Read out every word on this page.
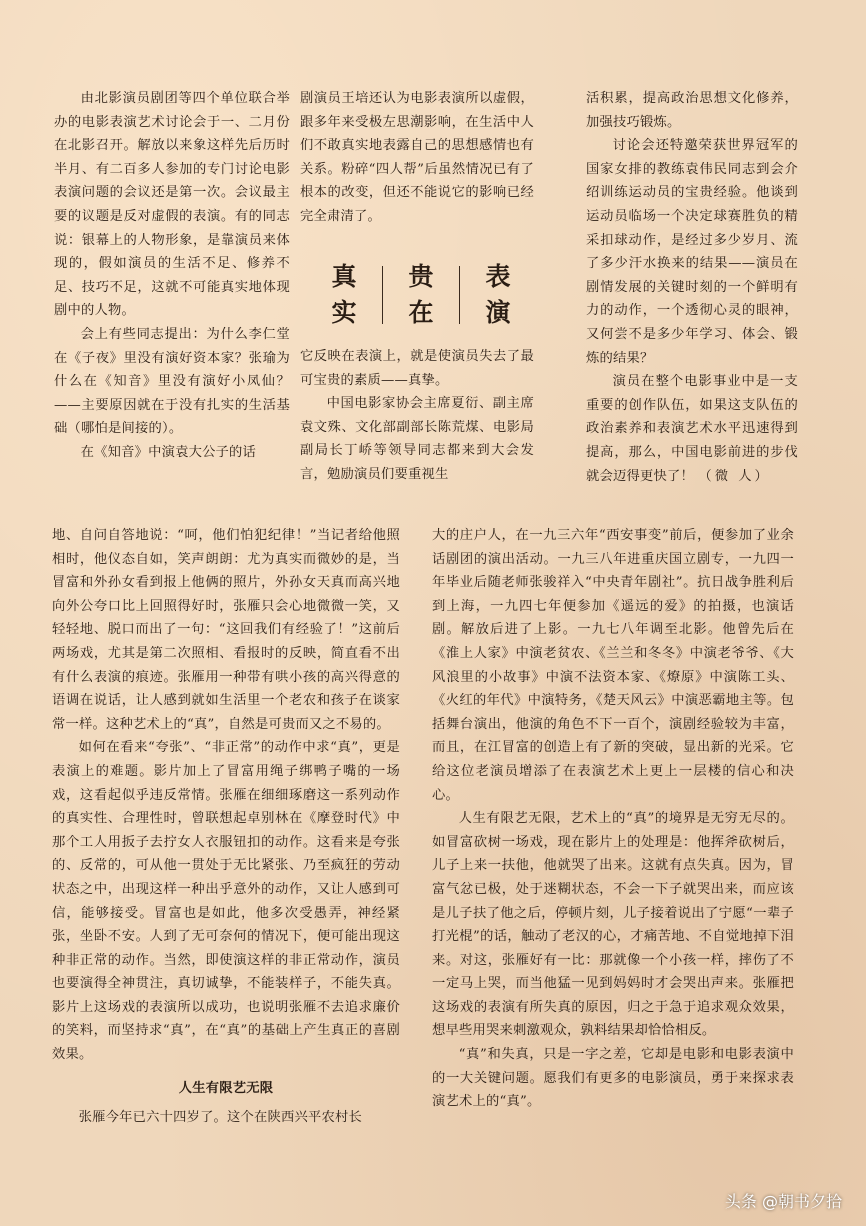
由北影演员剧团等四个单位联合举办的电影表演艺术讨论会于一、二月份在北影召开。解放以来象这样先后历时半月、有二百多人参加的专门讨论电影表演问题的会议还是第一次。会议最主要的议题是反对虚假的表演。有的同志说：银幕上的人物形象，是靠演员来体现的，假如演员的生活不足、修养不足、技巧不足，这就不可能真实地体现剧中的人物。

会上有些同志提出：为什么李仁堂在《子夜》里没有演好资本家？张瑜为什么在《知音》里没有演好小凤仙？——主要原因就在于没有扎实的生活基础（哪怕是间接的）。

在《知音》中演袁大公子的话

剧演员王培还认为电影表演所以虚假，跟多年来受极左思潮影响，在生活中人们不敢真实地表露自己的思想感情也有关系。粉碎“四人帮”后虽然情况已有了根本的改变，但还不能说它的影响已经完全肃清了。

真
实
贵
在
表
演

它反映在表演上，就是使演员失去了最可宝贵的素质——真挚。

中国电影家协会主席夏衍、副主席袁文殊、文化部副部长陈荒煤、电影局副局长丁峤等领导同志都来到大会发言，勉励演员们要重视生

活积累，提高政治思想文化修养，加强技巧锻炼。

讨论会还特邀荣获世界冠军的国家女排的教练袁伟民同志到会介绍训练运动员的宝贵经验。他谈到运动员临场一个决定球赛胜负的精采扣球动作，是经过多少岁月、流了多少汗水换来的结果——演员在剧情发展的关键时刻的一个鲜明有力的动作，一个透彻心灵的眼神，又何尝不是多少年学习、体会、锻炼的结果？

演员在整个电影事业中是一支重要的创作队伍，如果这支队伍的政治素养和表演艺术水平迅速得到提高，那么，中国电影前进的步伐就会迈得更快了！ （微 人）

地、自问自答地说：“呵，他们怕犯纪律！”当记者给他照相时，他仪态自如，笑声朗朗：尤为真实而微妙的是，当冒富和外孙女看到报上他俩的照片，外孙女天真而高兴地向外公夸口比上回照得好时，张雁只会心地微微一笑，又轻轻地、脱口而出了一句：“这回我们有经验了！”这前后两场戏，尤其是第二次照相、看报时的反映，简直看不出有什么表演的痕迹。张雁用一种带有哄小孩的高兴得意的语调在说话，让人感到就如生活里一个老农和孩子在谈家常一样。这种艺术上的“真”，自然是可贵而又之不易的。

如何在看来“夸张”、“非正常”的动作中求“真”，更是表演上的难题。影片加上了冒富用绳子绑鸭子嘴的一场戏，这看起似乎违反常情。张雁在细细琢磨这一系列动作的真实性、合理性时，曾联想起卓别林在《摩登时代》中那个工人用扳子去拧女人衣服钮扣的动作。这看来是夸张的、反常的，可从他一贯处于无比紧张、乃至疯狂的劳动状态之中，出现这样一种出乎意外的动作，又让人感到可信，能够接受。冒富也是如此，他多次受愚弄，神经紧张，坐卧不安。人到了无可奈何的情况下，便可能出现这种非正常的动作。当然，即使演这样的非正常动作，演员也要演得全神贯注，真切诚挚，不能装样子，不能失真。影片上这场戏的表演所以成功，也说明张雁不去追求廉价的笑料，而坚持求“真”，在“真”的基础上产生真正的喜剧效果。

人生有限艺无限

张雁今年已六十四岁了。这个在陕西兴平农村长

大的庄户人，在一九三六年“西安事变”前后，便参加了业余话剧团的演出活动。一九三八年进重庆国立剧专，一九四一年毕业后随老师张骏祥入“中央青年剧社”。抗日战争胜利后到上海，一九四七年便参加《遥远的爱》的拍摄，也演话剧。解放后进了上影。一九七八年调至北影。他曾先后在《淮上人家》中演老贫农、《兰兰和冬冬》中演老爷爷、《大风浪里的小故事》中演不法资本家、《燎原》中演陈工头、《火红的年代》中演特务，《楚天风云》中演恶霸地主等。包括舞台演出，他演的角色不下一百个，演剧经验较为丰富，而且，在江冒富的创造上有了新的突破，显出新的光采。它给这位老演员增添了在表演艺术上更上一层楼的信心和决心。

人生有限艺无限，艺术上的“真”的境界是无穷无尽的。如冒富砍树一场戏，现在影片上的处理是：他挥斧砍树后，儿子上来一扶他，他就哭了出来。这就有点失真。因为，冒富气忿已极，处于迷糊状态，不会一下子就哭出来，而应该是儿子扶了他之后，停顿片刻，儿子接着说出了宁愿“一辈子打光棍”的话，触动了老汉的心，才痛苦地、不自觉地掉下泪来。对这，张雁好有一比：那就像一个小孩一样，摔伤了不一定马上哭，而当他猛一见到妈妈时才会哭出声来。张雁把这场戏的表演有所失真的原因，归之于急于追求观众效果，想早些用哭来刺激观众，孰料结果却恰恰相反。

“真”和失真，只是一字之差，它却是电影和电影表演中的一大关键问题。愿我们有更多的电影演员，勇于来探求表演艺术上的“真”。

头条 @朝书夕拾
